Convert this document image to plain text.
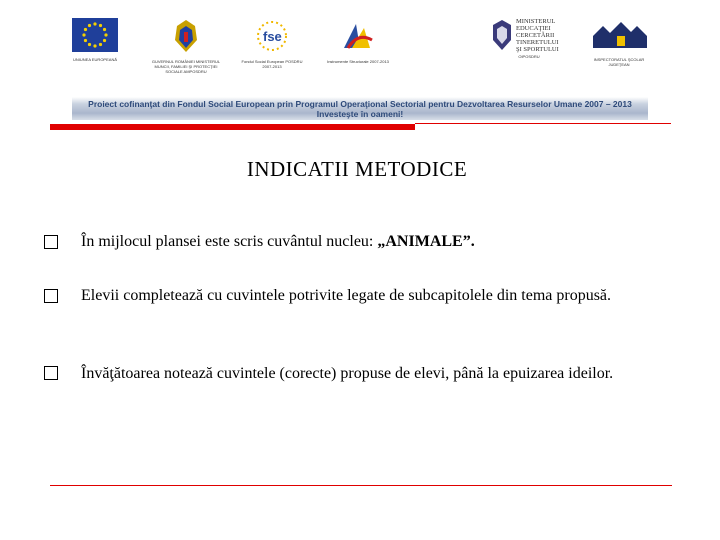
UNIUNEA EUROPEANĂ	GUVERNUL ROMÂNIEI MINISTERUL MUNCII, FAMILIEI ŞI PROTECŢIEI SOCIALE AMPOSDRU
fse
Fondul Social European POSDRU 2007-2013
Instrumente Structurale 2007-2013
MINISTERUL
EDUCAŢIEI
CERCETĂRII
TINERETULUI
ŞI SPORTULUI
OIPOSDRU
INSPECTORATUL ŞCOLAR JUDEŢEAN
Proiect cofinanţat din Fondul Social European prin Programul Operaţional Sectorial pentru Dezvoltarea Resurselor Umane 2007 – 2013
Investeşte în oameni!
INDICATII METODICE
În mijlocul plansei este scris cuvântul nucleu: „ANIMALE”.
Elevii completează cu cuvintele potrivite legate de subcapitolele din tema propusă.
Învăţătoarea notează cuvintele (corecte) propuse de elevi, până la epuizarea ideilor.
